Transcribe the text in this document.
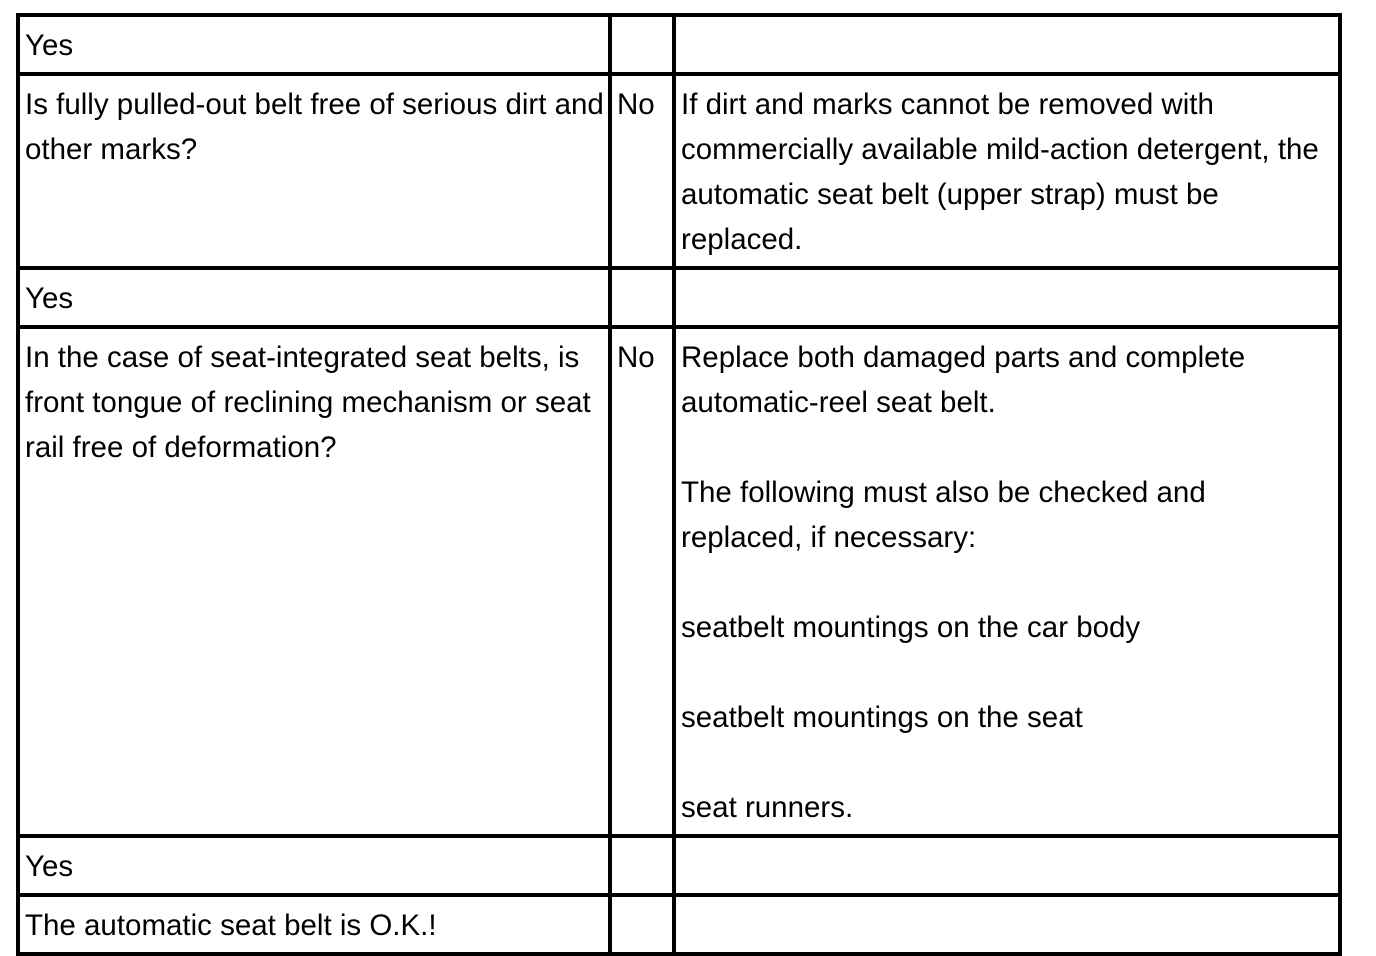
Yes		
Is fully pulled-out belt free of serious dirt and other marks?	No	If dirt and marks cannot be removed with commercially available mild-action detergent, the automatic seat belt (upper strap) must be replaced.
Yes		
In the case of seat-integrated seat belts, is front tongue of reclining mechanism or seat rail free of deformation?	No	Replace both damaged parts and complete automatic-reel seat belt.

The following must also be checked and replaced, if necessary:

seatbelt mountings on the car body

seatbelt mountings on the seat

seat runners.
Yes		
The automatic seat belt is O.K.!		
